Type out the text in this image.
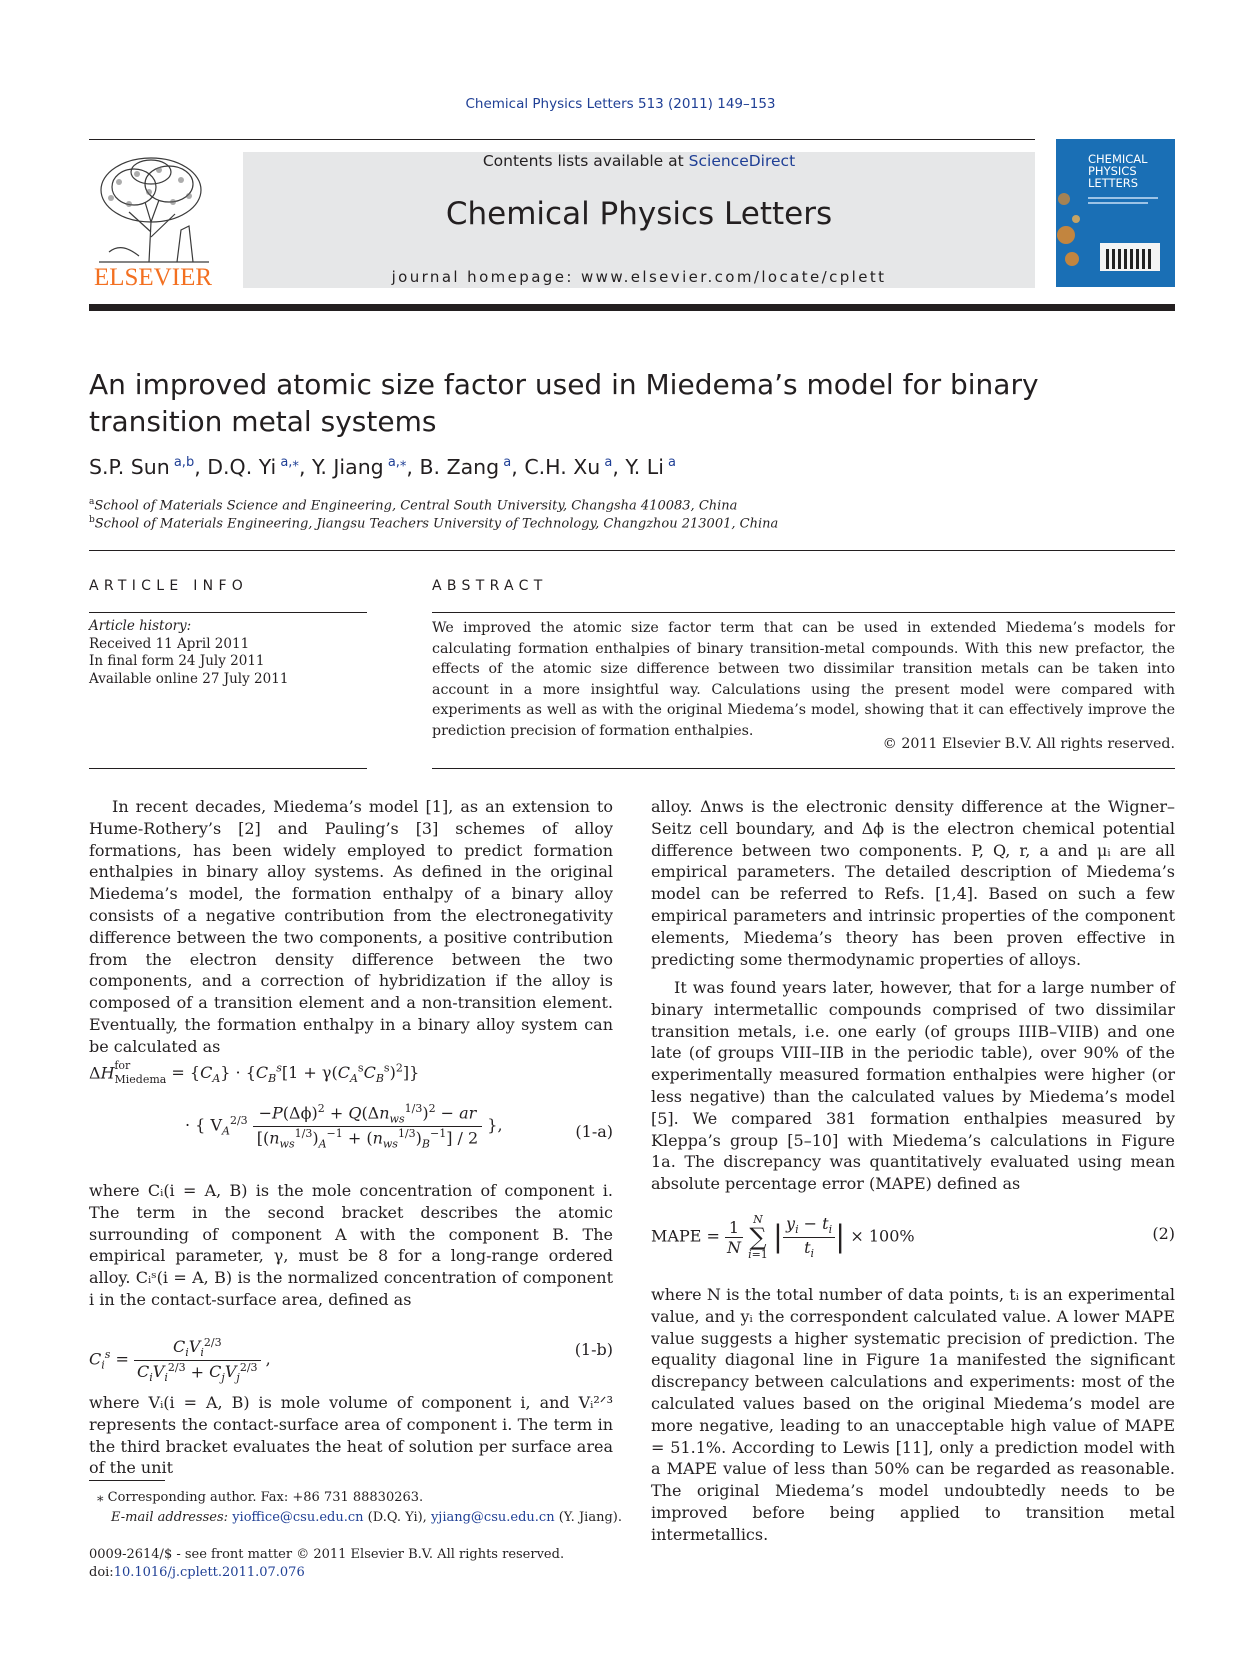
Chemical Physics Letters 513 (2011) 149–153
ELSEVIER
Contents lists available at ScienceDirect
Chemical Physics Letters
journal homepage: www.elsevier.com/locate/cplett
CHEMICAL
PHYSICS
LETTERS
An improved atomic size factor used in Miedema’s model for binary transition metal systems
S.P. Sun  $^{a,b}$, D.Q. Yi  $^{a,⁎}$, Y. Jiang  $^{a,⁎}$, B. Zang  $^a$, C.H. Xu  $^a$, Y. Li  $^a$
$^a$School of Materials Science and Engineering, Central South University, Changsha 410083, China
$^b$School of Materials Engineering, Jiangsu Teachers University of Technology, Changzhou 213001, China
ARTICLE INFO	ABSTRACT
Article history:
Received 11 April 2011
In final form 24 July 2011
Available online 27 July 2011
We improved the atomic size factor term that can be used in extended Miedema’s models for calculating formation enthalpies of binary transition-metal compounds. With this new prefactor, the effects of the atomic size difference between two dissimilar transition metals can be taken into account in a more insightful way. Calculations using the present model were compared with experiments as well as with the original Miedema’s model, showing that it can effectively improve the prediction precision of formation enthalpies.
© 2011 Elsevier B.V. All rights reserved.
In recent decades, Miedema’s model [1], as an extension to Hume-Rothery’s [2] and Pauling’s [3] schemes of alloy formations, has been widely employed to predict formation enthalpies in binary alloy systems. As defined in the original Miedema’s model, the formation enthalpy of a binary alloy consists of a negative contribution from the electronegativity difference between the two components, a positive contribution from the electron density difference between the two components, and a correction of hybridization if the alloy is composed of a transition element and a non-transition element. Eventually, the formation enthalpy in a binary alloy system can be calculated as
$\Delta H_{Miedema}^{for} = \{C_A\} \cdot \{C_B^s[1 + \gamma(C_A^sC_B^s)^2]\}$
· { $V_A^{2/3} -P(\Delta\phi)^2 + Q(\Delta n_{ws}^{1/3})^2$ − ar
$[(n_{ws}^{1/3})_A^{-1} + (n_{ws}^{1/3})_B^{-1}] / 2$
},	(1-a)
where Cᵢ(i = A, B) is the mole concentration of component i. The term in the second bracket describes the atomic surrounding of component A with the component B. The empirical parameter, γ, must be 8 for a long-range ordered alloy. Cᵢˢ(i = A, B) is the normalized concentration of component i in the contact-surface area, defined as
$C_i^s$ =
$C_iV_i^{2/3}$
$C_iV_i^{2/3} + C_jV_j^{2/3}$ ,
(1-b)
where Vᵢ(i = A, B) is mole volume of component i, and Vᵢ²ᐟ³ represents the contact-surface area of component i. The term in the third bracket evaluates the heat of solution per surface area of the unit
⁎ Corresponding author. Fax: +86 731 88830263.
E-mail addresses: yioffice@csu.edu.cn (D.Q. Yi), yjiang@csu.edu.cn (Y. Jiang).
0009-2614/$ - see front matter © 2011 Elsevier B.V. All rights reserved.
doi:10.1016/j.cplett.2011.07.076
alloy. Δnws is the electronic density difference at the Wigner–Seitz cell boundary, and Δϕ is the electron chemical potential difference between two components. P, Q, r, a and μᵢ are all empirical parameters. The detailed description of Miedema’s model can be referred to Refs. [1,4]. Based on such a few empirical parameters and intrinsic properties of the component elements, Miedema’s theory has been proven effective in predicting some thermodynamic properties of alloys.
It was found years later, however, that for a large number of binary intermetallic compounds comprised of two dissimilar transition metals, i.e. one early (of groups IIIB–VIIB) and one late (of groups VIII–IIB in the periodic table), over 90% of the experimentally measured formation enthalpies were higher (or less negative) than the calculated values by Miedema’s model [5]. We compared 381 formation enthalpies measured by Kleppa’s group [5–10] with Miedema’s calculations in Figure 1a. The discrepancy was quantitatively evaluated using mean absolute percentage error (MAPE) defined as
MAPE = $\frac{1}{N}$
N
∑
i=1 | $\frac{y_i - t_i}{t_i}$ | × 100%	(2)
where N is the total number of data points, tᵢ is an experimental value, and yᵢ the correspondent calculated value. A lower MAPE value suggests a higher systematic precision of prediction. The equality diagonal line in Figure 1a manifested the significant discrepancy between calculations and experiments: most of the calculated values based on the original Miedema’s model are more negative, leading to an unacceptable high value of MAPE = 51.1%. According to Lewis [11], only a prediction model with a MAPE value of less than 50% can be regarded as reasonable. The original Miedema’s model undoubtedly needs to be improved before being applied to transition metal intermetallics.
